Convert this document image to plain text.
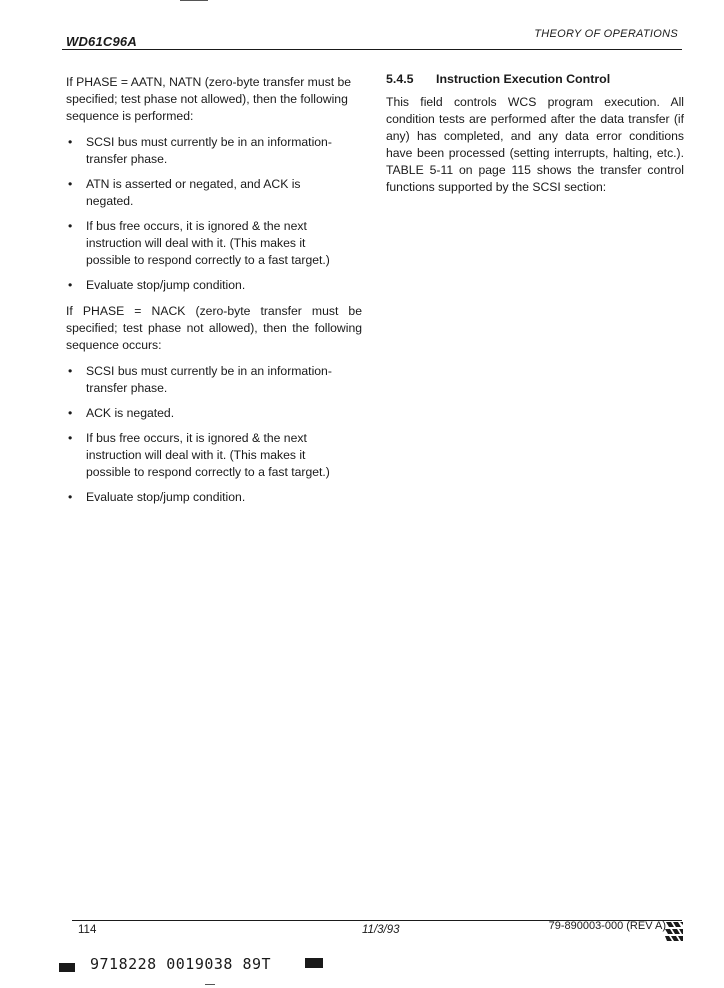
WD61C96A	THEORY OF OPERATIONS

If PHASE = AATN, NATN (zero-byte transfer must be specified; test phase not allowed), then the following sequence is performed:

• SCSI bus must currently be in an information-transfer phase.
• ATN is asserted or negated, and ACK is negated.
• If bus free occurs, it is ignored & the next instruction will deal with it. (This makes it possible to respond correctly to a fast target.)
• Evaluate stop/jump condition.

If PHASE = NACK (zero-byte transfer must be specified; test phase not allowed), then the following sequence occurs:

• SCSI bus must currently be in an information-transfer phase.
• ACK is negated.
• If bus free occurs, it is ignored & the next instruction will deal with it. (This makes it possible to respond correctly to a fast target.)
• Evaluate stop/jump condition.
5.4.5 Instruction Execution Control

This field controls WCS program execution. All condition tests are performed after the data transfer (if any) has completed, and any data error conditions have been processed (setting interrupts, halting, etc.). TABLE 5-11 on page 115 shows the transfer control functions supported by the SCSI section:

114	11/3/93	79-890003-000 (REV A)
9718228 0019038 89T
